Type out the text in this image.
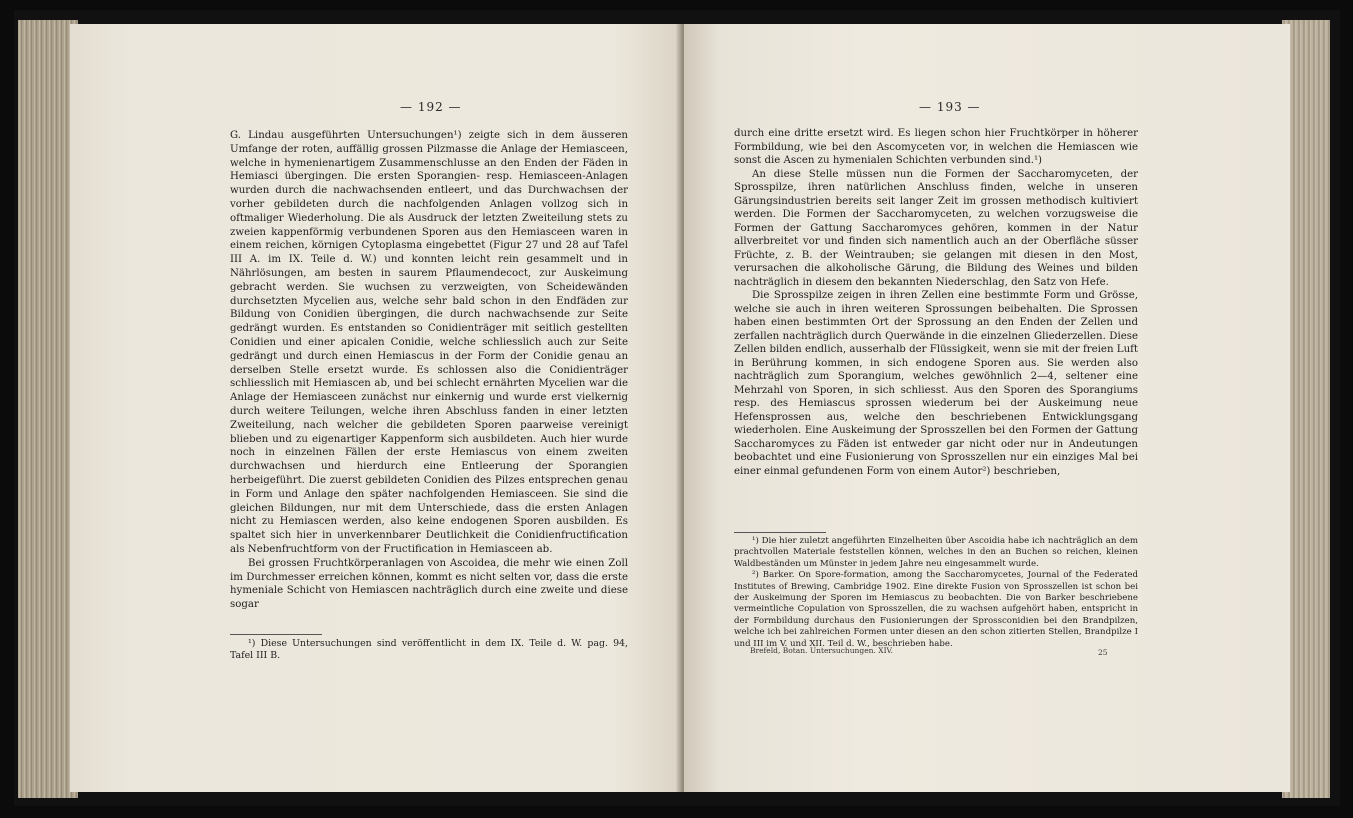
— 192 —

G. Lindau ausgeführten Untersuchungen¹) zeigte sich in dem äusseren Umfange der roten, auffällig grossen Pilzmasse die Anlage der Hemiasceen, welche in hymenienartigem Zusammenschlusse an den Enden der Fäden in Hemiasci übergingen. Die ersten Sporangien- resp. Hemiasceen-Anlagen wurden durch die nachwachsenden entleert, und das Durchwachsen der vorher gebildeten durch die nachfolgenden Anlagen vollzog sich in oftmaliger Wiederholung. Die als Ausdruck der letzten Zweiteilung stets zu zweien kappenförmig verbundenen Sporen aus den Hemiasceen waren in einem reichen, körnigen Cytoplasma eingebettet (Figur 27 und 28 auf Tafel III A. im IX. Teile d. W.) und konnten leicht rein gesammelt und in Nährlösungen, am besten in saurem Pflaumendecoct, zur Auskeimung gebracht werden. Sie wuchsen zu verzweigten, von Scheidewänden durchsetzten Mycelien aus, welche sehr bald schon in den Endfäden zur Bildung von Conidien übergingen, die durch nachwachsende zur Seite gedrängt wurden. Es entstanden so Conidienträger mit seitlich gestellten Conidien und einer apicalen Conidie, welche schliesslich auch zur Seite gedrängt und durch einen Hemiascus in der Form der Conidie genau an derselben Stelle ersetzt wurde. Es schlossen also die Conidienträger schliesslich mit Hemiascen ab, und bei schlecht ernährten Mycelien war die Anlage der Hemiasceen zunächst nur einkernig und wurde erst vielkernig durch weitere Teilungen, welche ihren Abschluss fanden in einer letzten Zweiteilung, nach welcher die gebildeten Sporen paarweise vereinigt blieben und zu eigenartiger Kappenform sich ausbildeten. Auch hier wurde noch in einzelnen Fällen der erste Hemiascus von einem zweiten durchwachsen und hierdurch eine Entleerung der Sporangien herbeigeführt. Die zuerst gebildeten Conidien des Pilzes entsprechen genau in Form und Anlage den später nachfolgenden Hemiasceen. Sie sind die gleichen Bildungen, nur mit dem Unterschiede, dass die ersten Anlagen nicht zu Hemiascen werden, also keine endogenen Sporen ausbilden. Es spaltet sich hier in unverkennbarer Deutlichkeit die Conidienfructification als Nebenfruchtform von der Fructification in Hemiasceen ab.

Bei grossen Fruchtkörperanlagen von Ascoidea, die mehr wie einen Zoll im Durchmesser erreichen können, kommt es nicht selten vor, dass die erste hymeniale Schicht von Hemiascen nachträglich durch eine zweite und diese sogar

¹) Diese Untersuchungen sind veröffentlicht in dem IX. Teile d. W. pag. 94, Tafel III B.

— 193 —

durch eine dritte ersetzt wird. Es liegen schon hier Fruchtkörper in höherer Formbildung, wie bei den Ascomyceten vor, in welchen die Hemiascen wie sonst die Ascen zu hymenialen Schichten verbunden sind.¹)

An diese Stelle müssen nun die Formen der Saccharomyceten, der Sprosspilze, ihren natürlichen Anschluss finden, welche in unseren Gärungsindustrien bereits seit langer Zeit im grossen methodisch kultiviert werden. Die Formen der Saccharomyceten, zu welchen vorzugsweise die Formen der Gattung Saccharomyces gehören, kommen in der Natur allverbreitet vor und finden sich namentlich auch an der Oberfläche süsser Früchte, z. B. der Weintrauben; sie gelangen mit diesen in den Most, verursachen die alkoholische Gärung, die Bildung des Weines und bilden nachträglich in diesem den bekannten Niederschlag, den Satz von Hefe.

Die Sprosspilze zeigen in ihren Zellen eine bestimmte Form und Grösse, welche sie auch in ihren weiteren Sprossungen beibehalten. Die Sprossen haben einen bestimmten Ort der Sprossung an den Enden der Zellen und zerfallen nachträglich durch Querwände in die einzelnen Gliederzellen. Diese Zellen bilden endlich, ausserhalb der Flüssigkeit, wenn sie mit der freien Luft in Berührung kommen, in sich endogene Sporen aus. Sie werden also nachträglich zum Sporangium, welches gewöhnlich 2—4, seltener eine Mehrzahl von Sporen, in sich schliesst. Aus den Sporen des Sporangiums resp. des Hemiascus sprossen wiederum bei der Auskeimung neue Hefensprossen aus, welche den beschriebenen Entwicklungsgang wiederholen. Eine Auskeimung der Sprosszellen bei den Formen der Gattung Saccharomyces zu Fäden ist entweder gar nicht oder nur in Andeutungen beobachtet und eine Fusionierung von Sprosszellen nur ein einziges Mal bei einer einmal gefundenen Form von einem Autor²) beschrieben,

¹) Die hier zuletzt angeführten Einzelheiten über Ascoidia habe ich nachträglich an dem prachtvollen Materiale feststellen können, welches in den an Buchen so reichen, kleinen Waldbeständen um Münster in jedem Jahre neu eingesammelt wurde.

²) Barker. On Spore-formation, among the Saccharomycetes, Journal of the Federated Institutes of Brewing, Cambridge 1902. Eine direkte Fusion von Sprosszellen ist schon bei der Auskeimung der Sporen im Hemiascus zu beobachten. Die von Barker beschriebene vermeintliche Copulation von Sprosszellen, die zu wachsen aufgehört haben, entspricht in der Formbildung durchaus den Fusionierungen der Sprossconidien bei den Brandpilzen, welche ich bei zahlreichen Formen unter diesen an den schon zitierten Stellen, Brandpilze I und III im V. und XII. Teil d. W., beschrieben habe.

Brefeld, Botan. Untersuchungen. XIV.	25
